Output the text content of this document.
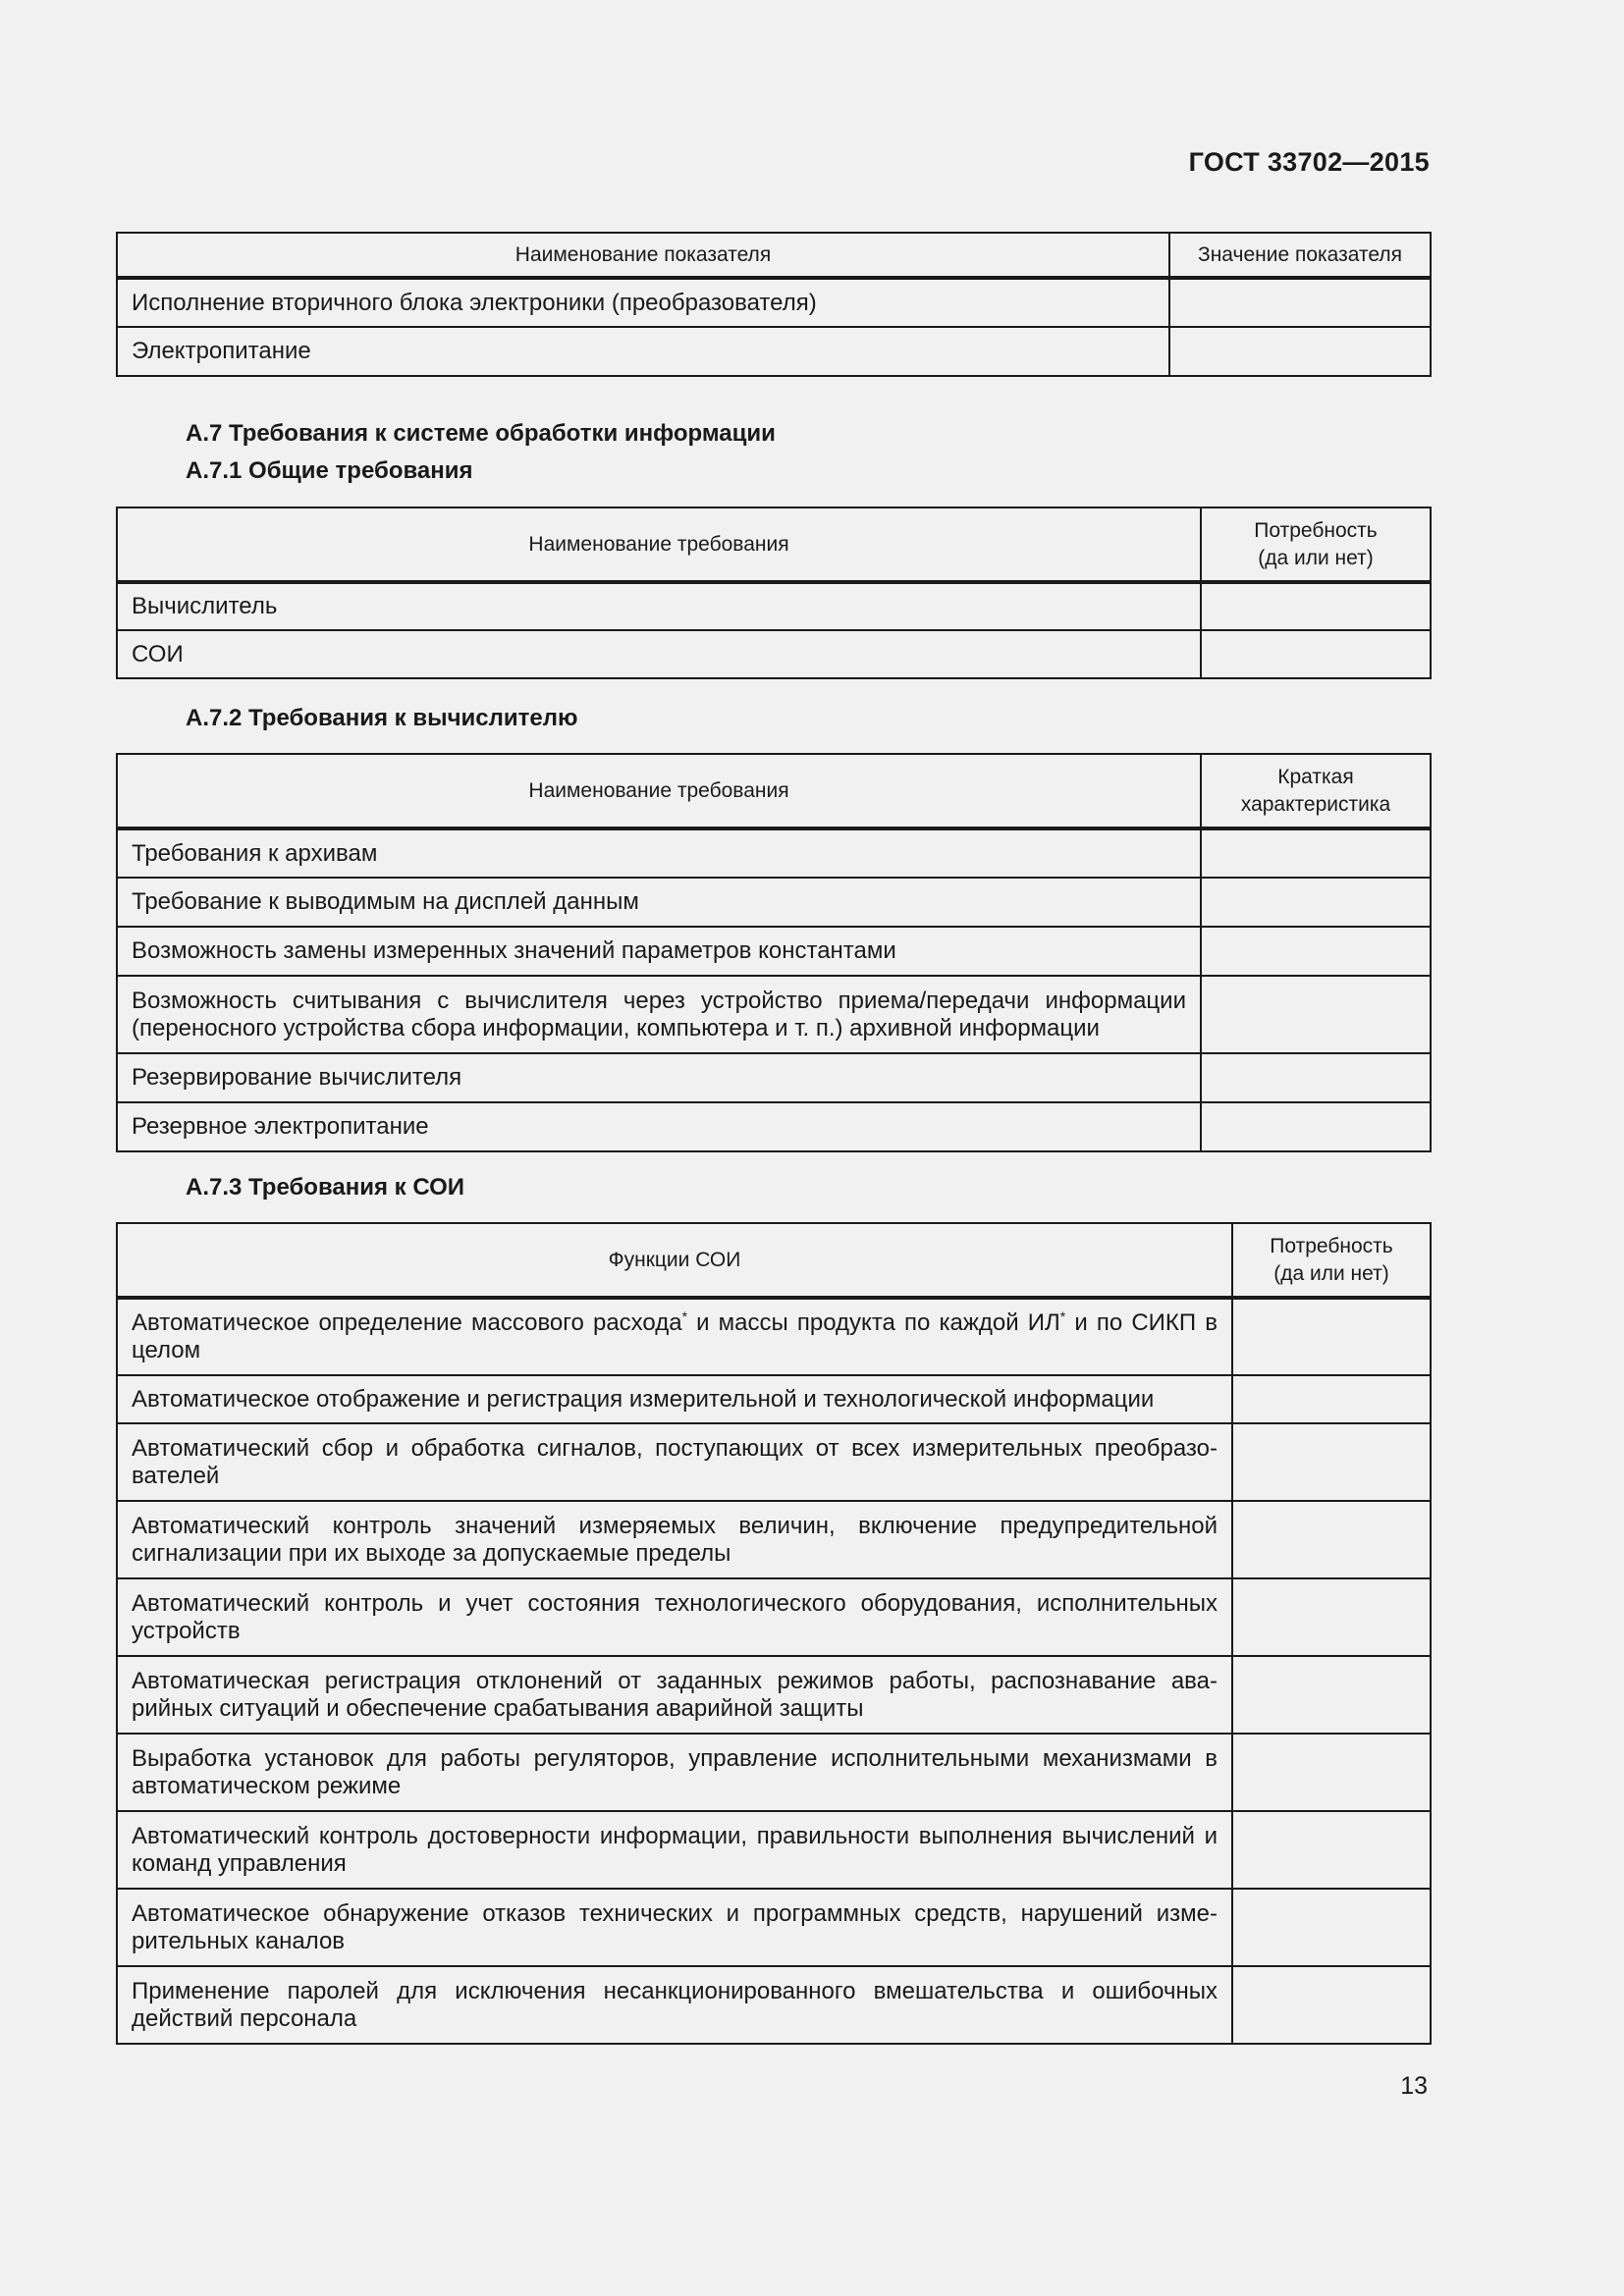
ГОСТ 33702—2015
Наименование показателя	Значение показателя
Исполнение вторичного блока электроники (преобразователя)	
Электропитание	
А.7 Требования к системе обработки информации
А.7.1 Общие требования
Наименование требования	Потребность
(да или нет)
Вычислитель	
СОИ	
А.7.2 Требования к вычислителю
Наименование требования	Краткая
характеристика
Требования к архивам	
Требование к выводимым на дисплей данным	
Возможность замены измеренных значений параметров константами	
Возможность считывания с вычислителя через устройство приема/передачи информации (переносного устройства сбора информации, компьютера и т. п.) архивной информации	
Резервирование вычислителя	
Резервное электропитание	
А.7.3 Требования к СОИ
Функции СОИ	Потребность
(да или нет)
Автоматическое определение массового расхода* и массы продукта по каждой ИЛ* и по СИКП в целом	
Автоматическое отображение и регистрация измерительной и технологической информации	
Автоматический сбор и обработка сигналов, поступающих от всех измерительных преобразо-вателей	
Автоматический контроль значений измеряемых величин, включение предупредительной сигнализации при их выходе за допускаемые пределы	
Автоматический контроль и учет состояния технологического оборудования, исполнительных устройств	
Автоматическая регистрация отклонений от заданных режимов работы, распознавание ава-рийных ситуаций и обеспечение срабатывания аварийной защиты	
Выработка установок для работы регуляторов, управление исполнительными механизмами в автоматическом режиме	
Автоматический контроль достоверности информации, правильности выполнения вычислений и команд управления	
Автоматическое обнаружение отказов технических и программных средств, нарушений изме-рительных каналов	
Применение паролей для исключения несанкционированного вмешательства и ошибочных действий персонала	
13
